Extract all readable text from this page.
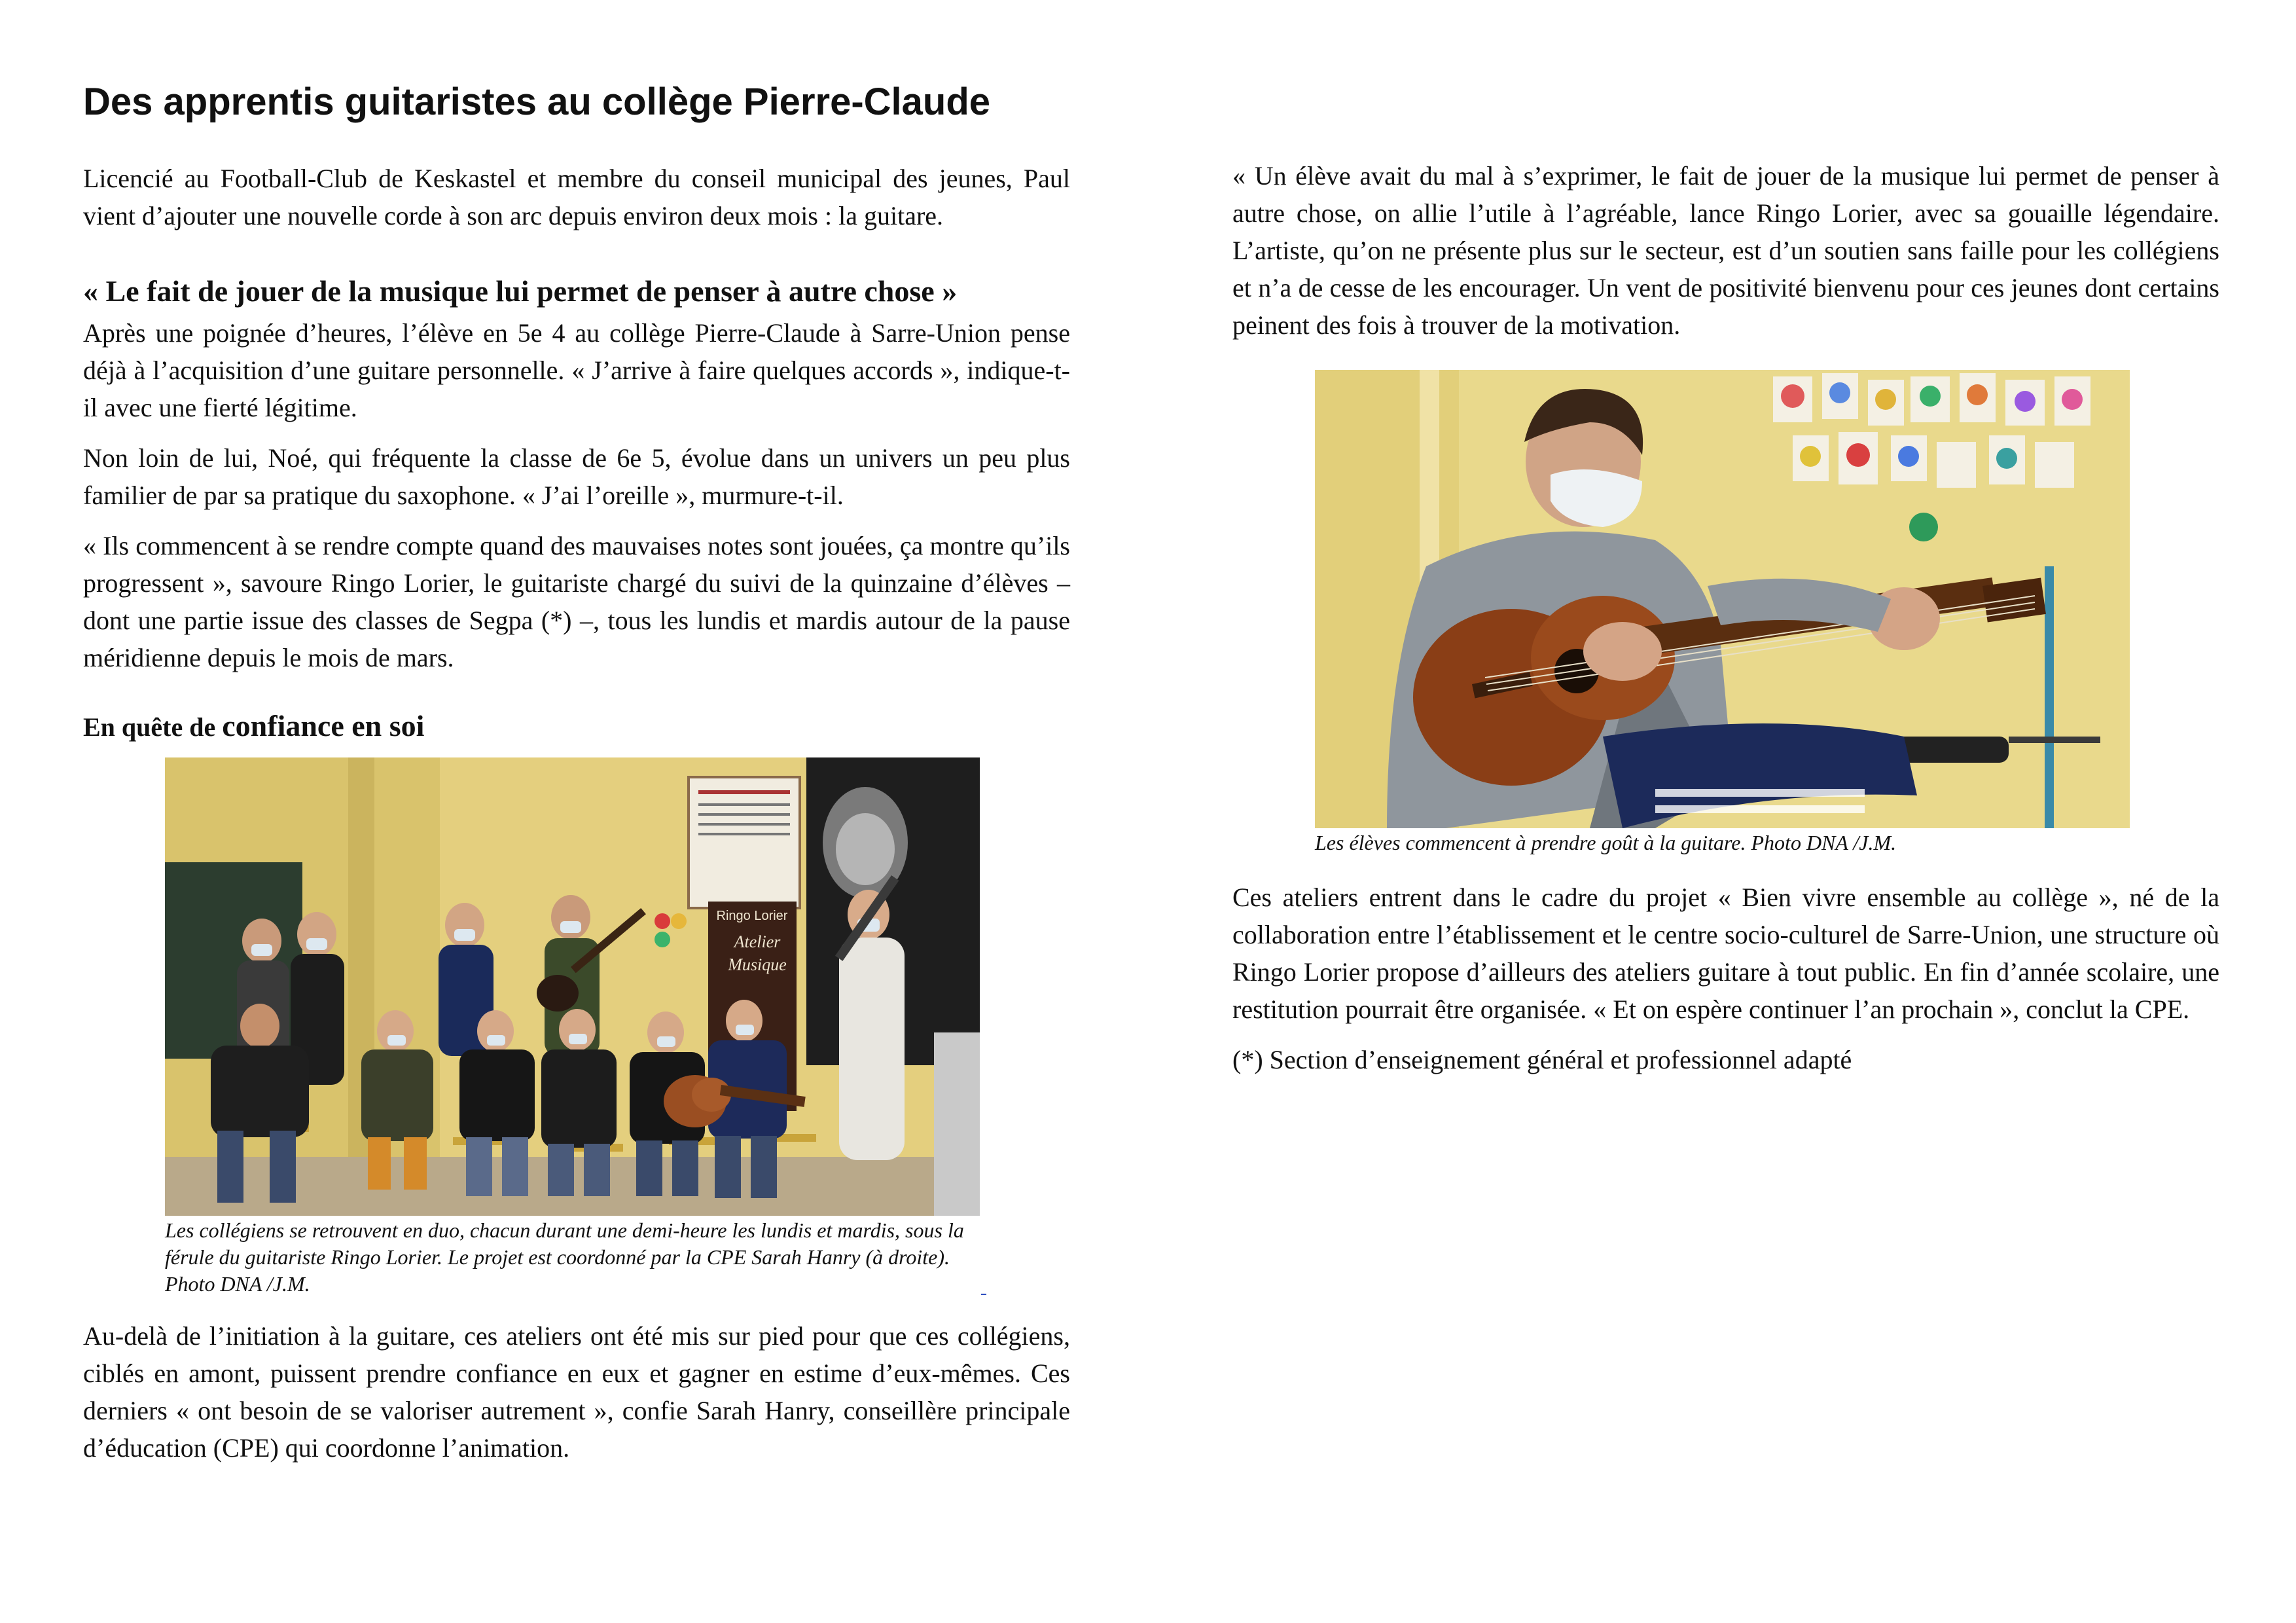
Des apprentis guitaristes au collège Pierre-Claude

Licencié au Football-Club de Keskastel et membre du conseil municipal des jeunes, Paul vient d’ajouter une nouvelle corde à son arc depuis environ deux mois : la guitare.

« Le fait de jouer de la musique lui permet de penser à autre chose »

Après une poignée d’heures, l’élève en 5e 4 au collège Pierre-Claude à Sarre-Union pense déjà à l’acquisition d’une guitare personnelle. « J’arrive à faire quelques accords », indique-t-il avec une fierté légitime.

Non loin de lui, Noé, qui fréquente la classe de 6e 5, évolue dans un univers un peu plus familier de par sa pratique du saxophone. « J’ai l’oreille », murmure-t-il.

« Ils commencent à se rendre compte quand des mauvaises notes sont jouées, ça montre qu’ils progressent », savoure Ringo Lorier, le guitariste chargé du suivi de la quinzaine d’élèves – dont une partie issue des classes de Segpa (*) –, tous les lundis et mardis autour de la pause méridienne depuis le mois de mars.

En quête de confiance en soi
Ringo Lorier
Atelier
Musique

Les collégiens se retrouvent en duo, chacun durant une demi-heure les lundis et mardis, sous la férule du guitariste Ringo Lorier. Le projet est coordonné par la CPE Sarah Hanry (à droite). Photo DNA /J.M.

Au-delà de l’initiation à la guitare, ces ateliers ont été mis sur pied pour que ces collégiens, ciblés en amont, puissent prendre confiance en eux et gagner en estime d’eux-mêmes. Ces derniers « ont besoin de se valoriser autrement », confie Sarah Hanry, conseillère principale d’éducation (CPE) qui coordonne l’animation.

« Un élève avait du mal à s’exprimer, le fait de jouer de la musique lui permet de penser à autre chose, on allie l’utile à l’agréable, lance Ringo Lorier, avec sa gouaille légendaire. L’artiste, qu’on ne présente plus sur le secteur, est d’un soutien sans faille pour les collégiens et n’a de cesse de les encourager. Un vent de positivité bienvenu pour ces jeunes dont certains peinent des fois à trouver de la motivation.

Les élèves commencent à prendre goût à la guitare. Photo DNA /J.M.

Ces ateliers entrent dans le cadre du projet « Bien vivre ensemble au collège », né de la collaboration entre l’établissement et le centre socio-culturel de Sarre-Union, une structure où Ringo Lorier propose d’ailleurs des ateliers guitare à tout public. En fin d’année scolaire, une restitution pourrait être organisée. « Et on espère continuer l’an prochain », conclut la CPE.

(*) Section d’enseignement général et professionnel adapté
